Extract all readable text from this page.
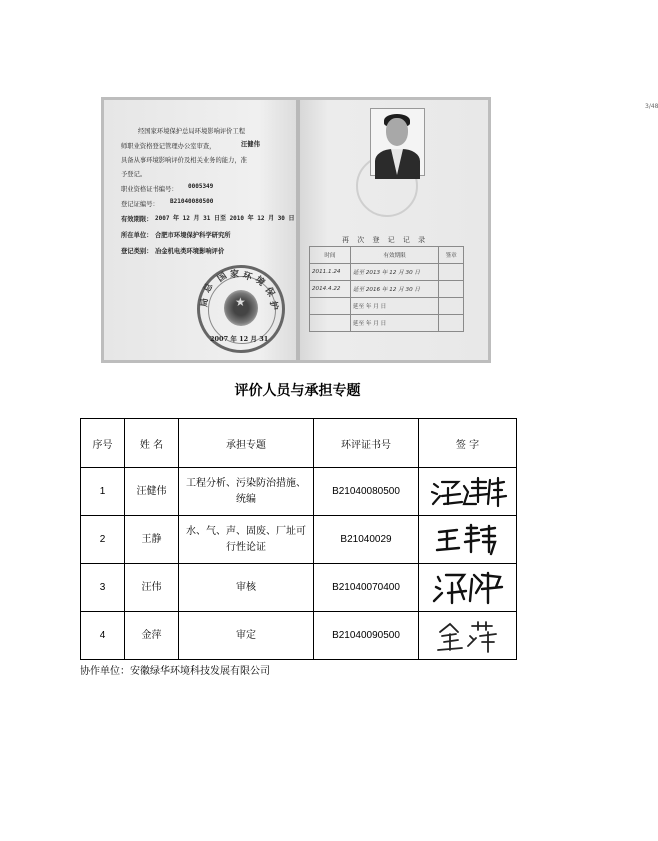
经国家环境保护总局环境影响评价工程
师职业资格登记管理办公室审查，	汪健伟
具备从事环境影响评价及相关业务的能力，准
予登记。
职业资格证书编号： 0005349
登记证编号： B21040080500
有效期限： 2007 年 12 月 31 日至 2010 年 12 月 30 日
所在单位： 合肥市环境保护科学研究所
登记类别： 冶金机电类环境影响评价
★
国 家 环 境
保
护
总
局
2007 年 12 月 31
3/48
再 次 登 记 记 录
时间	有效期限	签章
2011.1.24	延至 2013 年 12 月 30 日	
2014.4.22	延至 2016 年 12 月 30 日	
	延至 年 月 日	
	延至 年 月 日	
评价人员与承担专题
序号	姓 名	承担专题	环评证书号	签 字
1	汪健伟	工程分析、污染防治措施、统编	B21040080500	

2	王静	水、气、声、固废、厂址可行性论证	B21040029	

3	汪伟	审核	B21040070400	

4	金萍	审定	B21040090500	
协作单位：安徽绿华环境科技发展有限公司
